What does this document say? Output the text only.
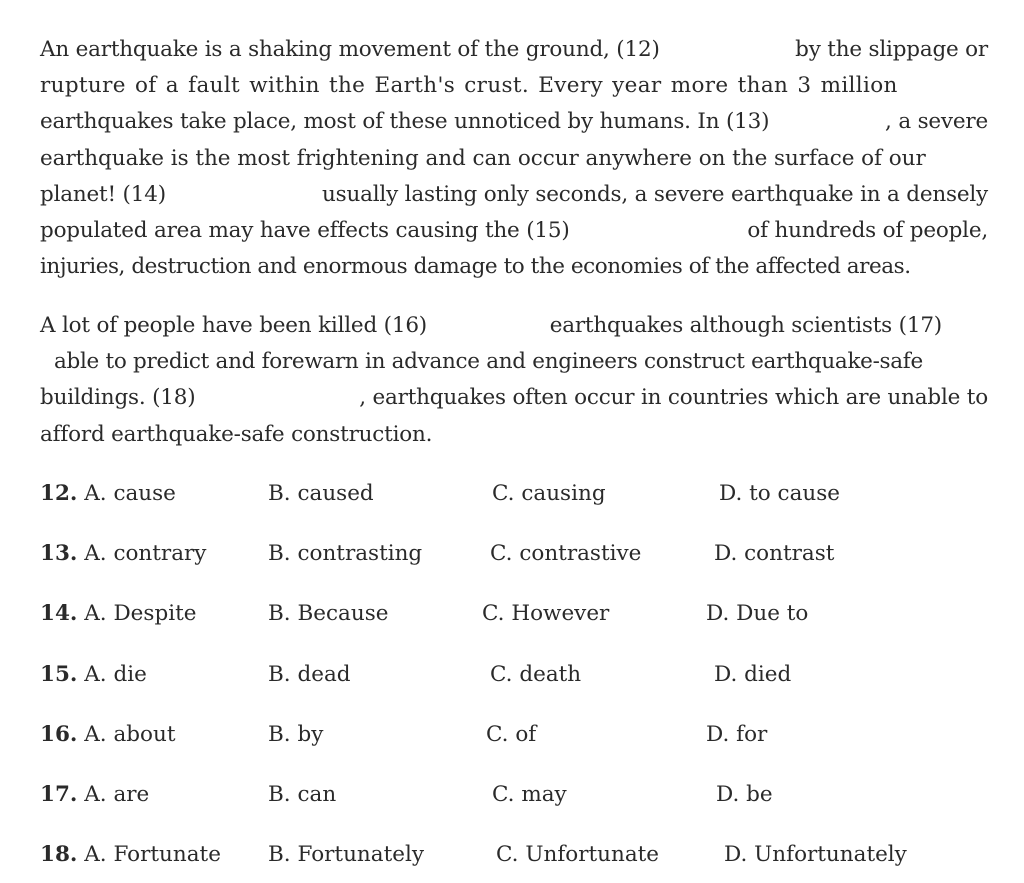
An earthquake is a shaking movement of the ground, (12)	by the slippage or
rupture of a fault within the Earth's crust. Every year more than 3 million
earthquakes take place, most of these unnoticed by humans. In (13)	, a severe
earthquake is the most frightening and can occur anywhere on the surface of our
planet! (14)	usually lasting only seconds, a severe earthquake in a densely
populated area may have effects causing the (15)	of hundreds of people,
injuries, destruction and enormous damage to the economies of the affected areas.
A lot of people have been killed (16)	earthquakes although scientists (17)
able to predict and forewarn in advance and engineers construct earthquake-safe
buildings. (18)	, earthquakes often occur in countries which are unable to
afford earthquake-safe construction.
12. A. cause	B. caused	C. causing	D. to cause
13. A. contrary	B. contrasting	C. contrastive	D. contrast
14. A. Despite	B. Because	C. However	D. Due to
15. A. die	B. dead	C. death	D. died
16. A. about	B. by	C. of	D. for
17. A. are	B. can	C. may	D. be
18. A. Fortunate B. Fortunately	C. Unfortunate	D. Unfortunately
